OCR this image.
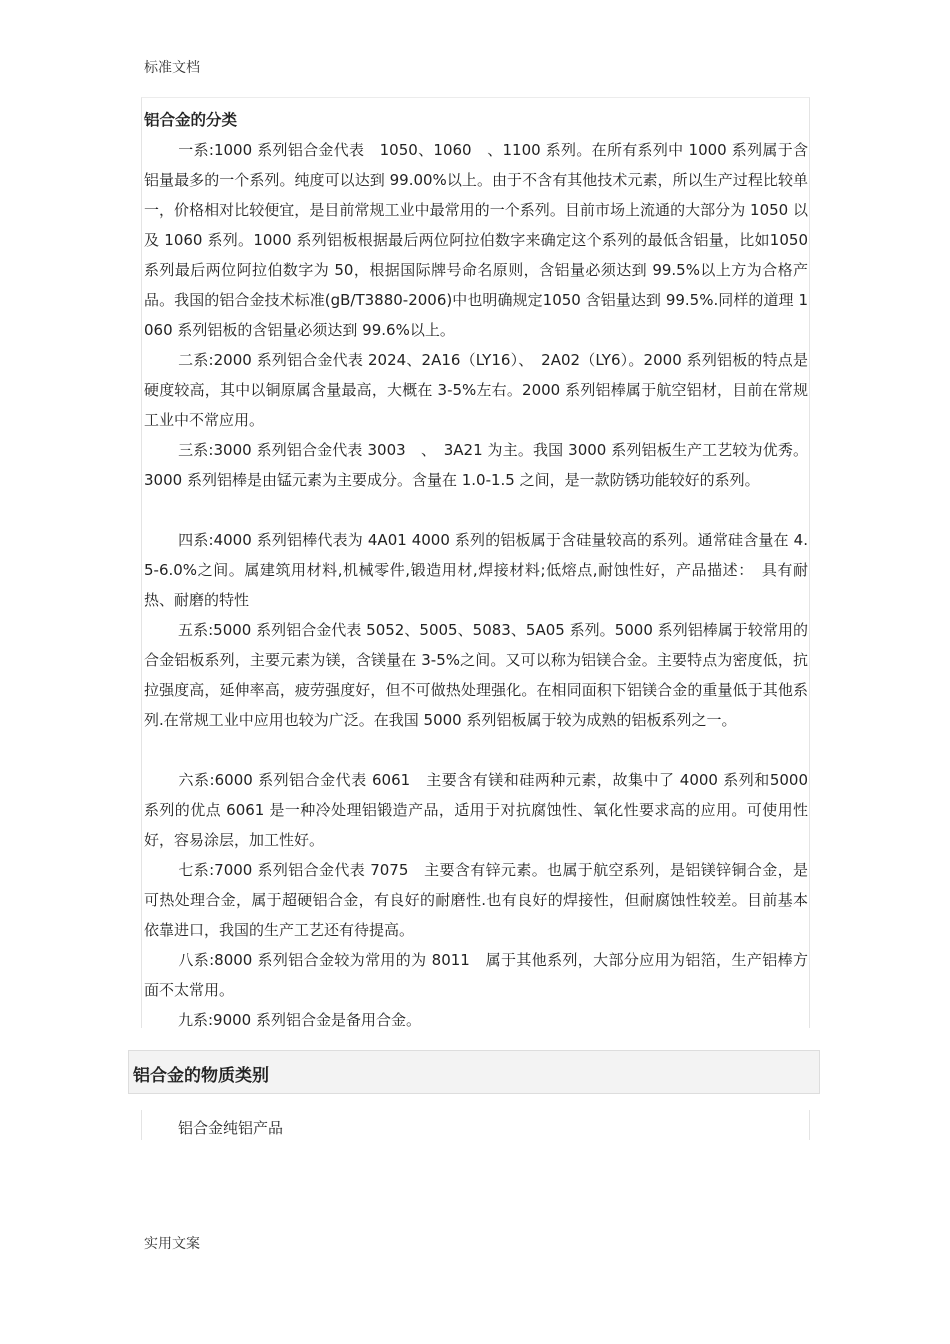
标准文档
铝合金的分类
一系:1000 系列铝合金代表　1050、1060　、1100 系列。在所有系列中 1000 系列属于含铝量最多的一个系列。纯度可以达到 99.00%以上。由于不含有其他技术元素，所以生产过程比较单一，价格相对比较便宜，是目前常规工业中最常用的一个系列。目前市场上流通的大部分为 1050 以及 1060 系列。1000 系列铝板根据最后两位阿拉伯数字来确定这个系列的最低含铝量，比如1050 系列最后两位阿拉伯数字为 50，根据国际牌号命名原则，含铝量必须达到 99.5%以上方为合格产品。我国的铝合金技术标准(gB/T3880-2006)中也明确规定1050 含铝量达到 99.5%.同样的道理 1060 系列铝板的含铝量必须达到 99.6%以上。
二系:2000 系列铝合金代表 2024、2A16（LY16）、　2A02（LY6）。2000 系列铝板的特点是硬度较高，其中以铜原属含量最高，大概在 3-5%左右。2000 系列铝棒属于航空铝材，目前在常规工业中不常应用。
三系:3000 系列铝合金代表 3003　、　3A21 为主。我国 3000 系列铝板生产工艺较为优秀。3000 系列铝棒是由锰元素为主要成分。含量在 1.0-1.5 之间，是一款防锈功能较好的系列。
四系:4000 系列铝棒代表为 4A01 4000 系列的铝板属于含硅量较高的系列。通常硅含量在 4.5-6.0%之间。属建筑用材料,机械零件,锻造用材,焊接材料;低熔点,耐蚀性好，产品描述：　具有耐热、耐磨的特性
五系:5000 系列铝合金代表 5052、5005、5083、5A05 系列。5000 系列铝棒属于较常用的合金铝板系列，主要元素为镁，含镁量在 3-5%之间。又可以称为铝镁合金。主要特点为密度低，抗拉强度高，延伸率高，疲劳强度好，但不可做热处理强化。在相同面积下铝镁合金的重量低于其他系列.在常规工业中应用也较为广泛。在我国 5000 系列铝板属于较为成熟的铝板系列之一。
六系:6000 系列铝合金代表 6061　主要含有镁和硅两种元素，故集中了 4000 系列和5000 系列的优点 6061 是一种冷处理铝锻造产品，适用于对抗腐蚀性、氧化性要求高的应用。可使用性好，容易涂层，加工性好。
七系:7000 系列铝合金代表 7075　主要含有锌元素。也属于航空系列，是铝镁锌铜合金，是可热处理合金，属于超硬铝合金，有良好的耐磨性.也有良好的焊接性，但耐腐蚀性较差。目前基本依靠进口，我国的生产工艺还有待提高。
八系:8000 系列铝合金较为常用的为 8011　属于其他系列，大部分应用为铝箔，生产铝棒方面不太常用。
九系:9000 系列铝合金是备用合金。
铝合金的物质类别
铝合金纯铝产品
实用文案
